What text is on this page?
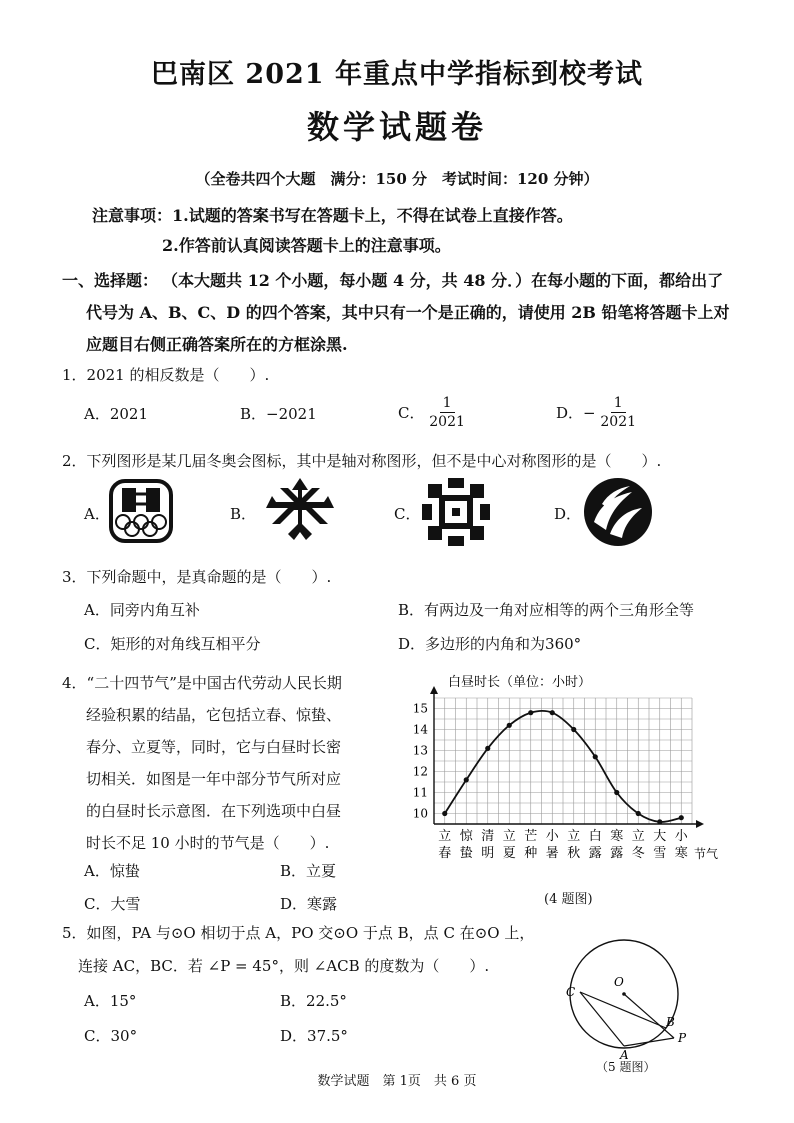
巴南区 2021 年重点中学指标到校考试
数学试题卷
（全卷共四个大题　满分：150 分　考试时间：120 分钟）
注意事项： 1.试题的答案书写在答题卡上，不得在试卷上直接作答。
2.作答前认真阅读答题卡上的注意事项。
一、选择题： （本大题共 12 个小题，每小题 4 分，共 48 分．）在每小题的下面，都给出了
代号为 A、B、C、D 的四个答案，其中只有一个是正确的，请使用 2B 铅笔将答题卡上对
应题目右侧正确答案所在的方框涂黑.
1．2021 的相反数是（　　）.
A．2021	B．−2021	C． $\frac{1}{2021}$	D．− $\frac{1}{2021}$
2．下列图形是某几届冬奥会图标，其中是轴对称图形，但不是中心对称图形的是（　　）.
A．	B．	C．	D．
3．下列命题中，是真命题的是（　　）.
A．同旁内角互补	B．有两边及一角对应相等的两个三角形全等
C．矩形的对角线互相平分	D．多边形的内角和为360°
4．“二十四节气”是中国古代劳动人民长期
经验积累的结晶，它包括立春、惊蛰、
春分、立夏等，同时，它与白昼时长密
切相关．如图是一年中部分节气所对应
的白昼时长示意图．在下列选项中白昼
时长不足 10 小时的节气是（　　）.
A．惊蛰	B．立夏
C．大雪	D．寒露
白昼时长（单位：小时）
节气
10
11
12
13
14
15
立
春
惊
蛰
清
明
立
夏
芒
种
小
暑
立
秋
白
露
寒
露
立
冬
大
雪
小
寒
(4 题图)
5．如图，PA 与⊙O 相切于点 A，PO 交⊙O 于点 B，点 C 在⊙O 上，
连接 AC，BC．若 ∠P = 45°，则 ∠ACB 的度数为（　　）.
A．15°	B．22.5°
C．30°	D．37.5°
O
C
B
A
P
（5 题图）
数学试题　第 1页　共 6 页
